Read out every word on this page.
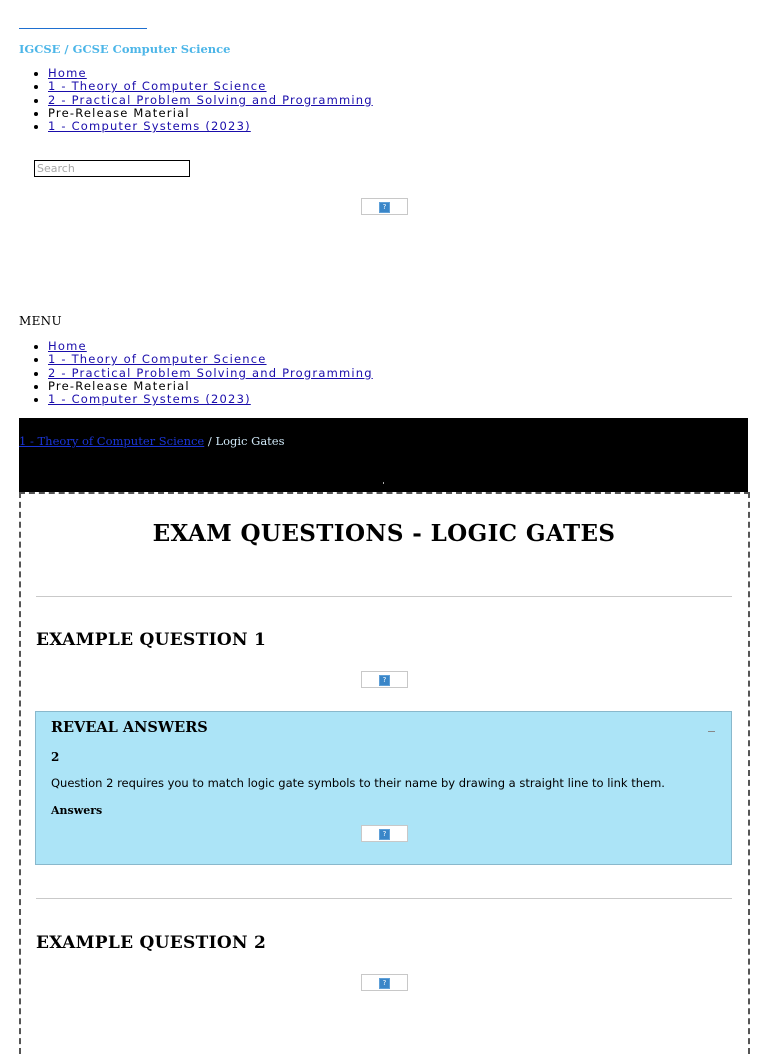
IGCSE / GCSE Computer Science
• Home
• 1 - Theory of Computer Science
• 2 - Practical Problem Solving and Programming
• Pre-Release Material
• 1 - Computer Systems (2023)
Search
?
MENU
• Home
• 1 - Theory of Computer Science
• 2 - Practical Problem Solving and Programming
• Pre-Release Material
• 1 - Computer Systems (2023)
1 - Theory of Computer Science / Logic Gates
EXAM QUESTIONS - LOGIC GATES
EXAMPLE QUESTION 1
?
REVEAL ANSWERS
2
Question 2 requires you to match logic gate symbols to their name by drawing a straight line to link them.
Answers
?
EXAMPLE QUESTION 2
?
